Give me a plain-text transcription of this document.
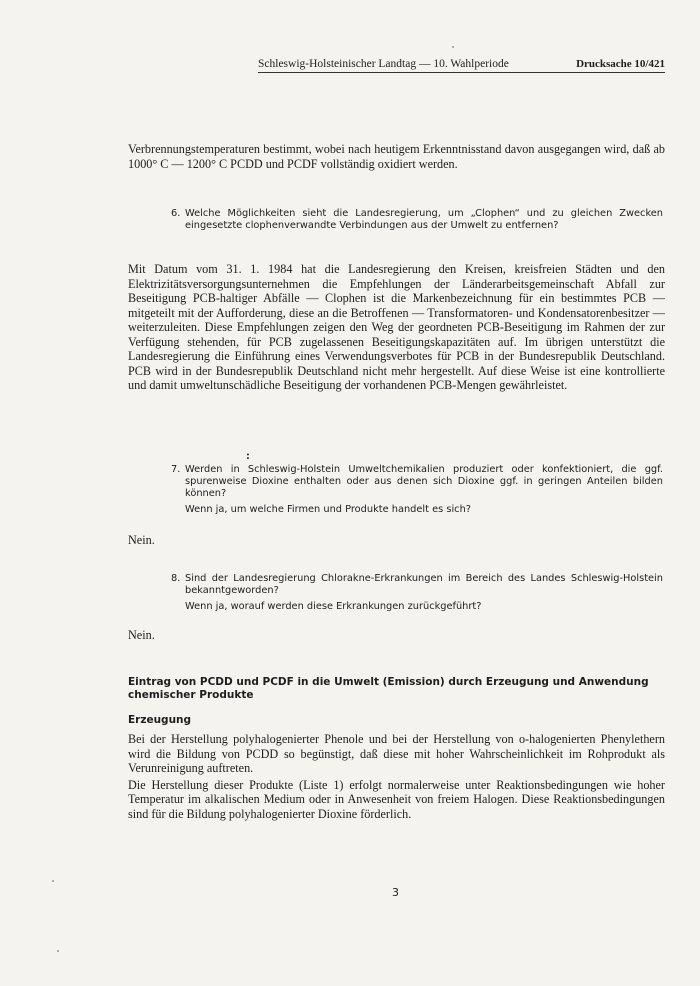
Schleswig-Holsteinischer Landtag — 10. Wahlperiode	Drucksache 10/421
Verbrennungstemperaturen bestimmt, wobei nach heutigem Erkenntnisstand davon ausgegangen wird, daß ab 1000° C — 1200° C PCDD und PCDF vollständig oxidiert werden.
6. Welche Möglichkeiten sieht die Landesregierung, um „Clophen“ und zu gleichen Zwecken eingesetzte clophenverwandte Verbindungen aus der Umwelt zu entfernen?
Mit Datum vom 31. 1. 1984 hat die Landesregierung den Kreisen, kreisfreien Städten und den Elektrizitätsversorgungsunternehmen die Empfehlungen der Länderarbeitsgemeinschaft Abfall zur Beseitigung PCB-haltiger Abfälle — Clophen ist die Markenbezeichnung für ein bestimmtes PCB — mitgeteilt mit der Aufforderung, diese an die Betroffenen — Transformatoren- und Kondensatorenbesitzer — weiterzuleiten. Diese Empfehlungen zeigen den Weg der geordneten PCB-Beseitigung im Rahmen der zur Verfügung stehenden, für PCB zugelassenen Beseitigungskapazitäten auf. Im übrigen unterstützt die Landesregierung die Einführung eines Verwendungsverbotes für PCB in der Bundesrepublik Deutschland. PCB wird in der Bundesrepublik Deutschland nicht mehr hergestellt. Auf diese Weise ist eine kontrollierte und damit umweltunschädliche Beseitigung der vorhandenen PCB-Mengen gewährleistet.
:
7. Werden in Schleswig-Holstein Umweltchemikalien produziert oder konfektioniert, die ggf. spurenweise Dioxine enthalten oder aus denen sich Dioxine ggf. in geringen Anteilen bilden können?
Wenn ja, um welche Firmen und Produkte handelt es sich?
Nein.
8. Sind der Landesregierung Chlorakne-Erkrankungen im Bereich des Landes Schleswig-Holstein bekanntgeworden?
Wenn ja, worauf werden diese Erkrankungen zurückgeführt?
Nein.
Eintrag von PCDD und PCDF in die Umwelt (Emission) durch Erzeugung und Anwendung chemischer Produkte
Erzeugung

Bei der Herstellung polyhalogenierter Phenole und bei der Herstellung von o-halogenierten Phenylethern wird die Bildung von PCDD so begünstigt, daß diese mit hoher Wahrscheinlichkeit im Rohprodukt als Verunreinigung auftreten.

Die Herstellung dieser Produkte (Liste 1) erfolgt normalerweise unter Reaktionsbedingungen wie hoher Temperatur im alkalischen Medium oder in Anwesenheit von freiem Halogen. Diese Reaktionsbedingungen sind für die Bildung polyhalogenierter Dioxine förderlich.

3
